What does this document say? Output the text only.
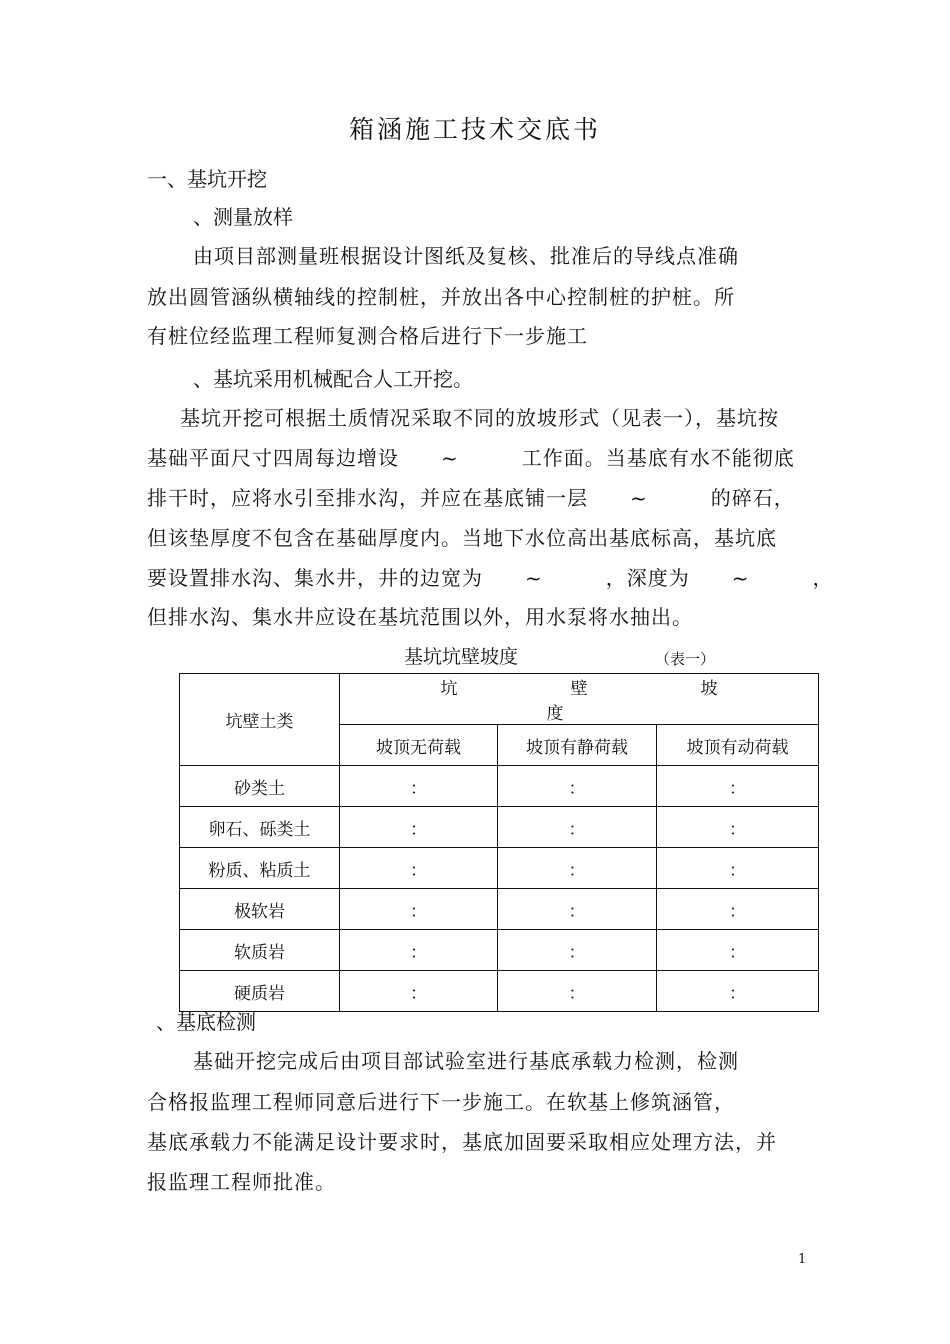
箱涵施工技术交底书
一、基坑开挖
、测量放样
由项目部测量班根据设计图纸及复核、批准后的导线点准确
放出圆管涵纵横轴线的控制桩，并放出各中心控制桩的护桩。所
有桩位经监理工程师复测合格后进行下一步施工
、基坑采用机械配合人工开挖。
基坑开挖可根据土质情况采取不同的放坡形式（见表一），基坑按
基础平面尺寸四周每边增设　　~　　　工作面。当基底有水不能彻底
排干时，应将水引至排水沟，并应在基底铺一层　　~　　　的碎石，
但该垫厚度不包含在基础厚度内。当地下水位高出基底标高，基坑底
要设置排水沟、集水井，井的边宽为　　~　　　，深度为　　~　　　，
但排水沟、集水井应设在基坑范围以外，用水泵将水抽出。
基坑坑壁坡度	（表一）
坑壁土类	坑　壁　坡　度		
	坡顶无荷载	坡顶有静荷载	坡顶有动荷载
砂类土	：	：	：
卵石、砾类土	：	：	：
粉质、粘质土	：	：	：
极软岩	：	：	：
软质岩	：	：	：
硬质岩	：	：	：
、基底检测
基础开挖完成后由项目部试验室进行基底承载力检测，检测
合格报监理工程师同意后进行下一步施工。在软基上修筑涵管，
基底承载力不能满足设计要求时，基底加固要采取相应处理方法，并
报监理工程师批准。
1
